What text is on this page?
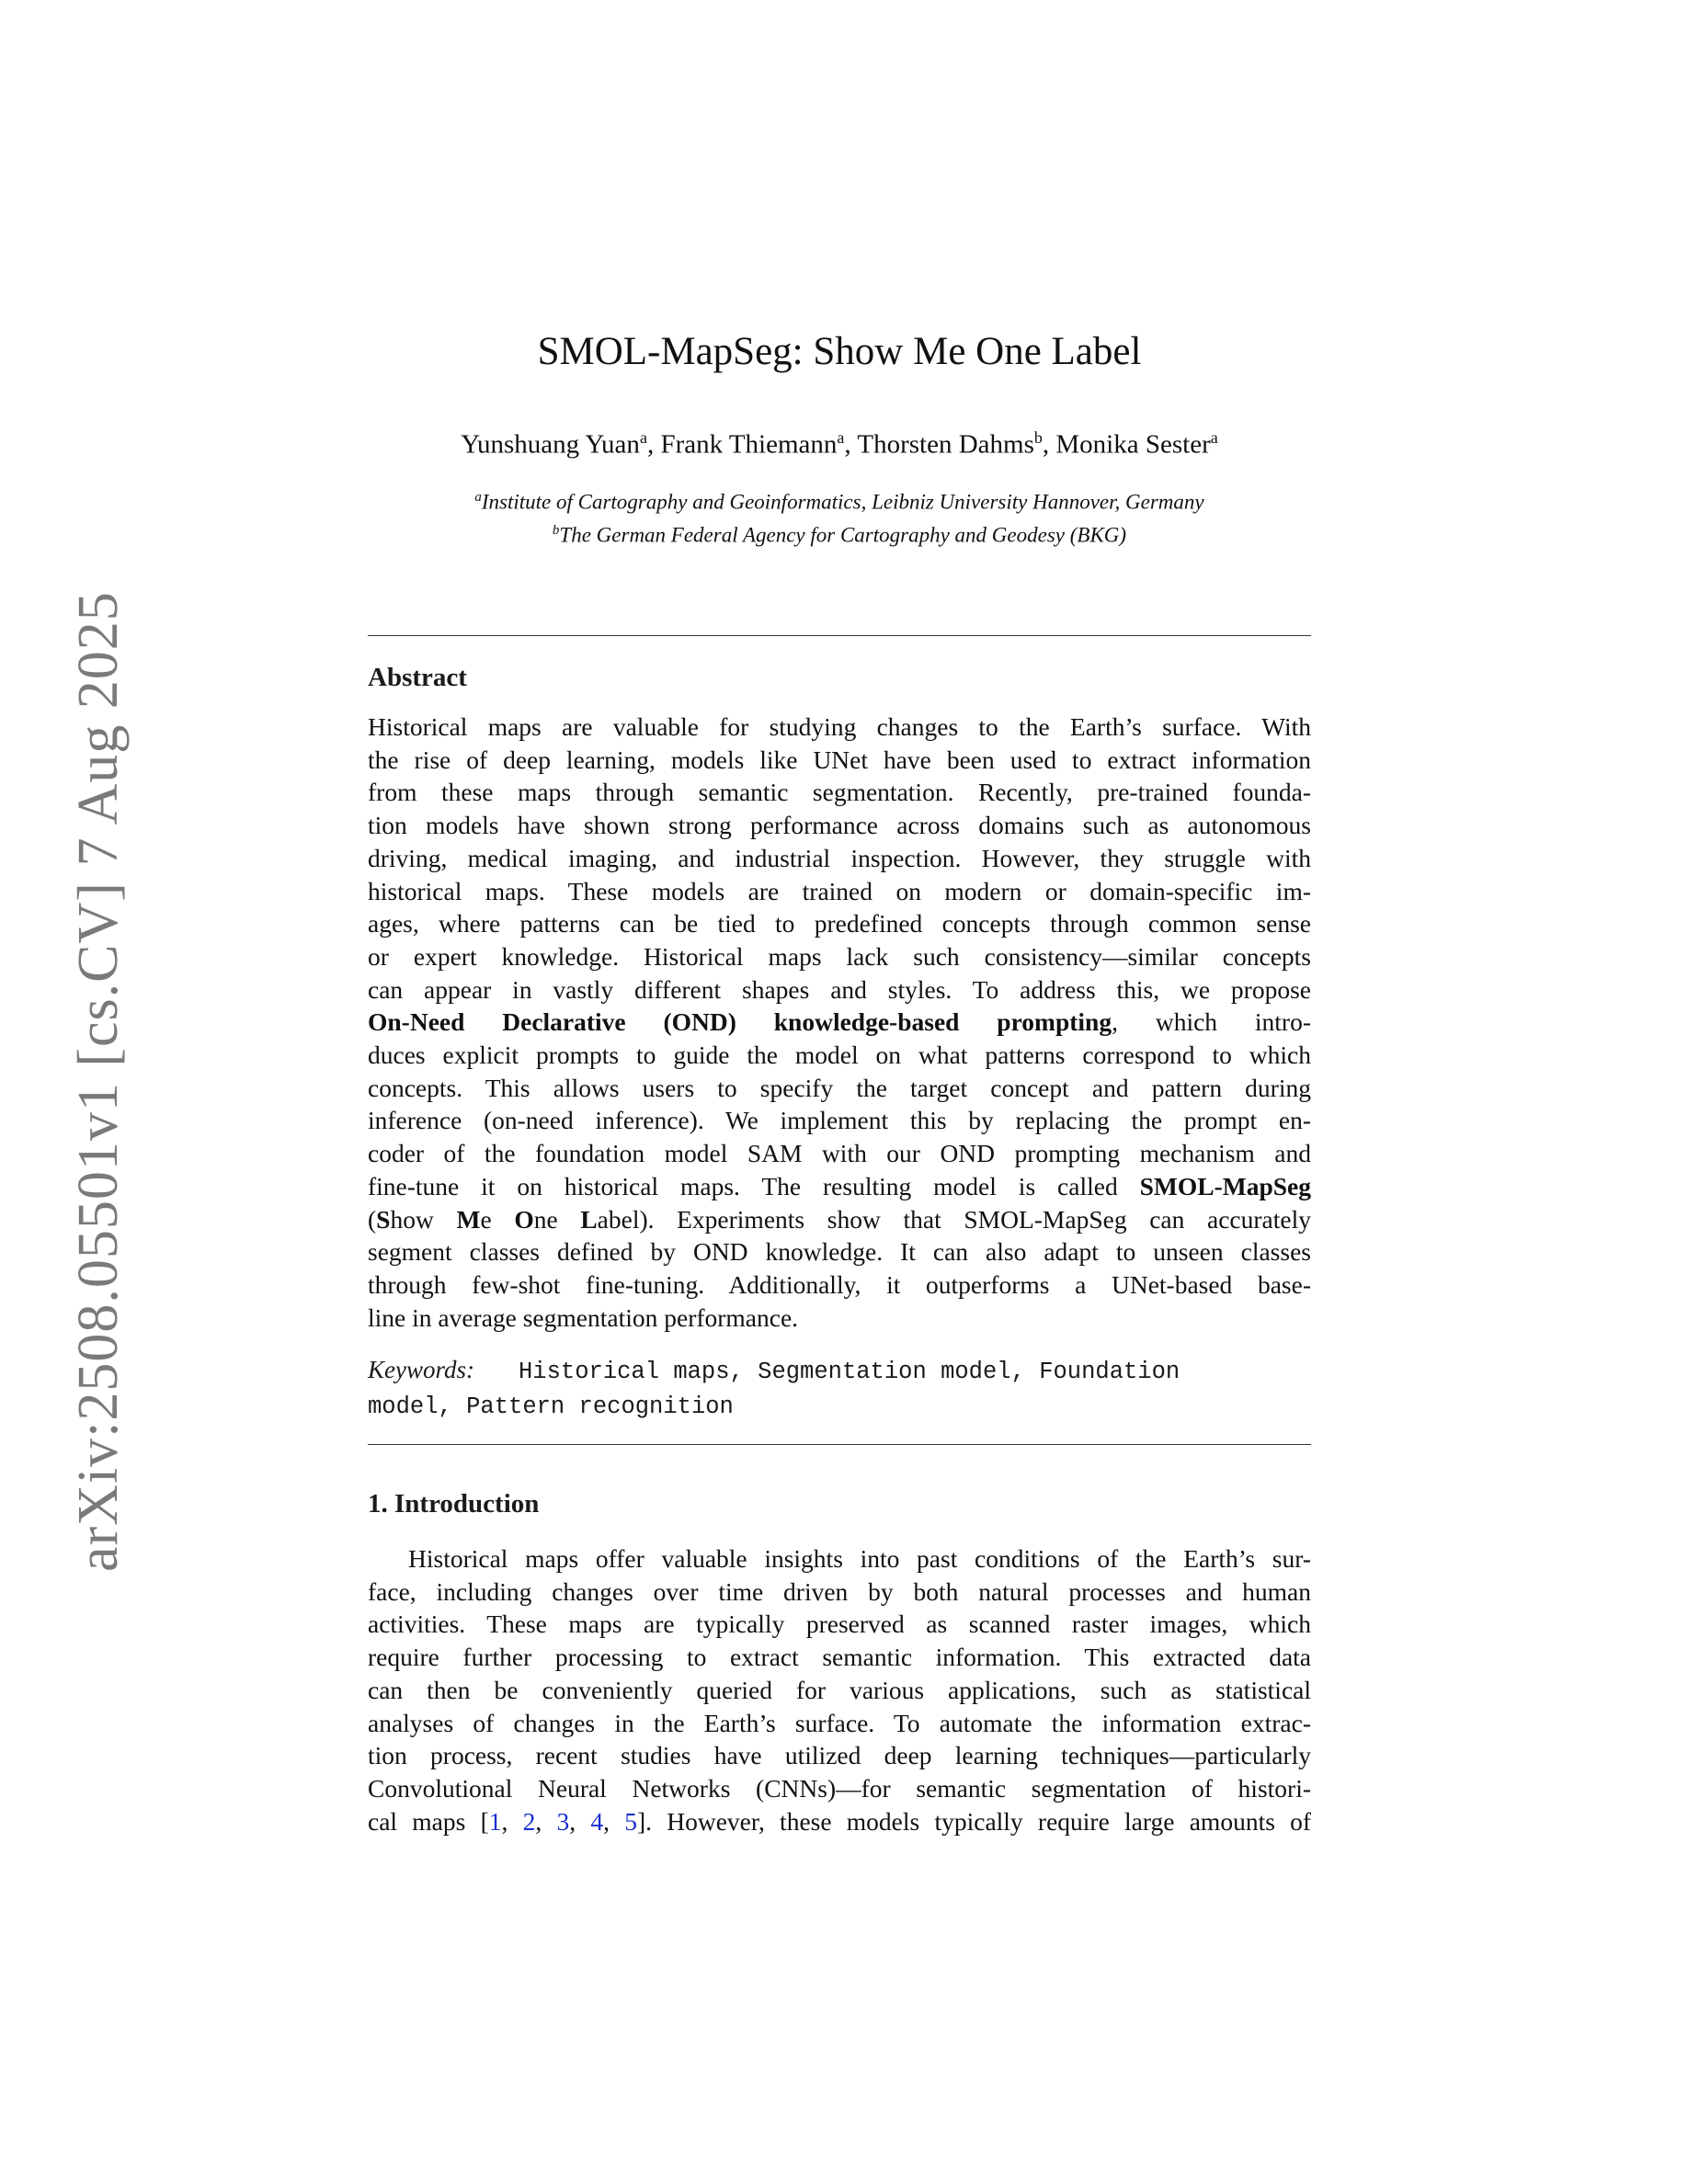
arXiv:2508.05501v1 [cs.CV] 7 Aug 2025
SMOL-MapSeg: Show Me One Label
Yunshuang Yuan$^a$, Frank Thiemann$^a$, Thorsten Dahms$^b$, Monika Sester$^a$
$^a$Institute of Cartography and Geoinformatics, Leibniz University Hannover, Germany
$^b$The German Federal Agency for Cartography and Geodesy (BKG)
Abstract
Historical maps are valuable for studying changes to the Earth’s surface. With
the rise of deep learning, models like UNet have been used to extract information
from these maps through semantic segmentation. Recently, pre-trained founda-
tion models have shown strong performance across domains such as autonomous
driving, medical imaging, and industrial inspection. However, they struggle with
historical maps. These models are trained on modern or domain-specific im-
ages, where patterns can be tied to predefined concepts through common sense
or expert knowledge. Historical maps lack such consistency—similar concepts
can appear in vastly different shapes and styles. To address this, we propose
On-Need Declarative (OND) knowledge-based prompting, which intro-
duces explicit prompts to guide the model on what patterns correspond to which
concepts. This allows users to specify the target concept and pattern during
inference (on-need inference). We implement this by replacing the prompt en-
coder of the foundation model SAM with our OND prompting mechanism and
fine-tune it on historical maps. The resulting model is called SMOL-MapSeg
(Show Me One Label). Experiments show that SMOL-MapSeg can accurately
segment classes defined by OND knowledge. It can also adapt to unseen classes
through few-shot fine-tuning. Additionally, it outperforms a UNet-based base-
line in average segmentation performance.
Keywords: Historical maps, Segmentation model, Foundation
model, Pattern recognition
1. Introduction
Historical maps offer valuable insights into past conditions of the Earth’s sur-
face, including changes over time driven by both natural processes and human
activities. These maps are typically preserved as scanned raster images, which
require further processing to extract semantic information. This extracted data
can then be conveniently queried for various applications, such as statistical
analyses of changes in the Earth’s surface. To automate the information extrac-
tion process, recent studies have utilized deep learning techniques—particularly
Convolutional Neural Networks (CNNs)—for semantic segmentation of histori-
cal maps [1, 2, 3, 4, 5]. However, these models typically require large amounts of
